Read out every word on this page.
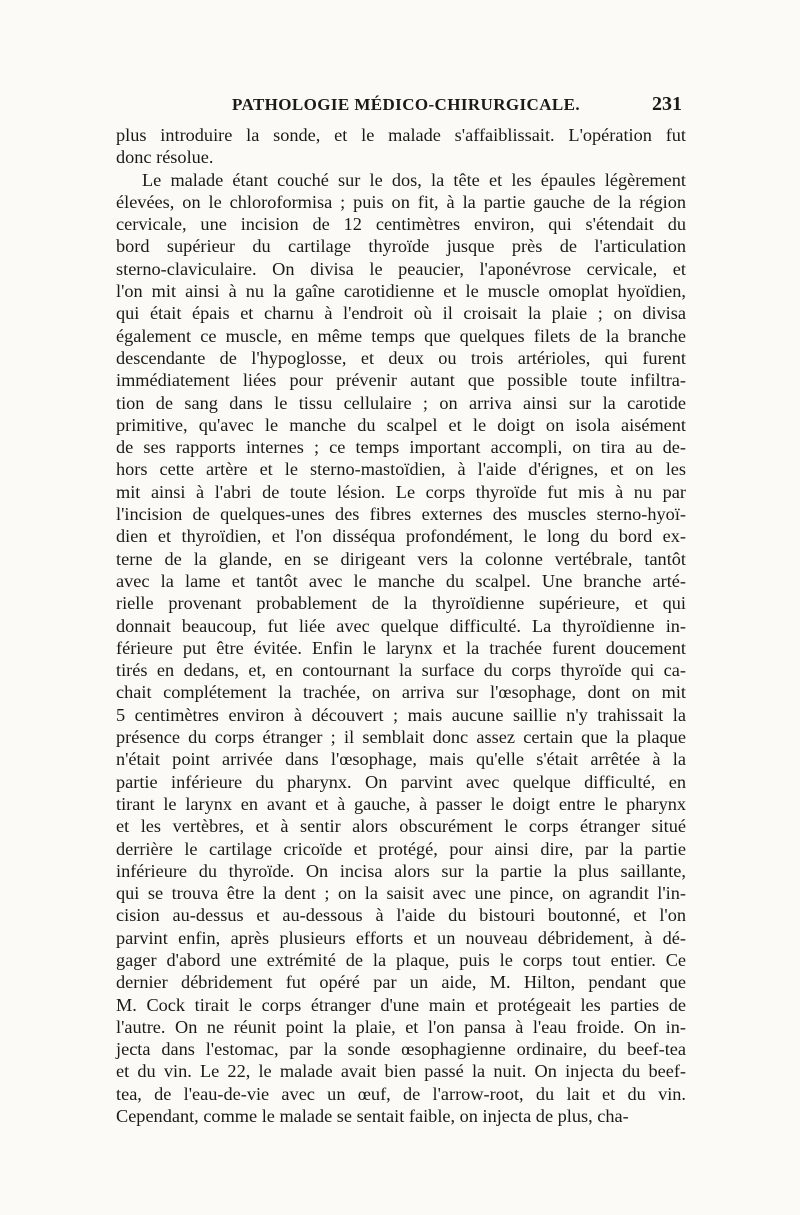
PATHOLOGIE MÉDICO-CHIRURGICALE.	231
plus introduire la sonde, et le malade s'affaiblissait. L'opération fut
donc résolue.
Le malade étant couché sur le dos, la tête et les épaules légèrement
élevées, on le chloroformisa ; puis on fit, à la partie gauche de la région
cervicale, une incision de 12 centimètres environ, qui s'étendait du
bord supérieur du cartilage thyroïde jusque près de l'articulation
sterno-claviculaire. On divisa le peaucier, l'aponévrose cervicale, et
l'on mit ainsi à nu la gaîne carotidienne et le muscle omoplat hyoïdien,
qui était épais et charnu à l'endroit où il croisait la plaie ; on divisa
également ce muscle, en même temps que quelques filets de la branche
descendante de l'hypoglosse, et deux ou trois artérioles, qui furent
immédiatement liées pour prévenir autant que possible toute infiltra-
tion de sang dans le tissu cellulaire ; on arriva ainsi sur la carotide
primitive, qu'avec le manche du scalpel et le doigt on isola aisément
de ses rapports internes ; ce temps important accompli, on tira au de-
hors cette artère et le sterno-mastoïdien, à l'aide d'érignes, et on les
mit ainsi à l'abri de toute lésion. Le corps thyroïde fut mis à nu par
l'incision de quelques-unes des fibres externes des muscles sterno-hyoï-
dien et thyroïdien, et l'on disséqua profondément, le long du bord ex-
terne de la glande, en se dirigeant vers la colonne vertébrale, tantôt
avec la lame et tantôt avec le manche du scalpel. Une branche arté-
rielle provenant probablement de la thyroïdienne supérieure, et qui
donnait beaucoup, fut liée avec quelque difficulté. La thyroïdienne in-
férieure put être évitée. Enfin le larynx et la trachée furent doucement
tirés en dedans, et, en contournant la surface du corps thyroïde qui ca-
chait complétement la trachée, on arriva sur l'œsophage, dont on mit
5 centimètres environ à découvert ; mais aucune saillie n'y trahissait la
présence du corps étranger ; il semblait donc assez certain que la plaque
n'était point arrivée dans l'œsophage, mais qu'elle s'était arrêtée à la
partie inférieure du pharynx. On parvint avec quelque difficulté, en
tirant le larynx en avant et à gauche, à passer le doigt entre le pharynx
et les vertèbres, et à sentir alors obscurément le corps étranger situé
derrière le cartilage cricoïde et protégé, pour ainsi dire, par la partie
inférieure du thyroïde. On incisa alors sur la partie la plus saillante,
qui se trouva être la dent ; on la saisit avec une pince, on agrandit l'in-
cision au-dessus et au-dessous à l'aide du bistouri boutonné, et l'on
parvint enfin, après plusieurs efforts et un nouveau débridement, à dé-
gager d'abord une extrémité de la plaque, puis le corps tout entier. Ce
dernier débridement fut opéré par un aide, M. Hilton, pendant que
M. Cock tirait le corps étranger d'une main et protégeait les parties de
l'autre. On ne réunit point la plaie, et l'on pansa à l'eau froide. On in-
jecta dans l'estomac, par la sonde œsophagienne ordinaire, du beef-tea
et du vin. Le 22, le malade avait bien passé la nuit. On injecta du beef-
tea, de l'eau-de-vie avec un œuf, de l'arrow-root, du lait et du vin.
Cependant, comme le malade se sentait faible, on injecta de plus, cha-
